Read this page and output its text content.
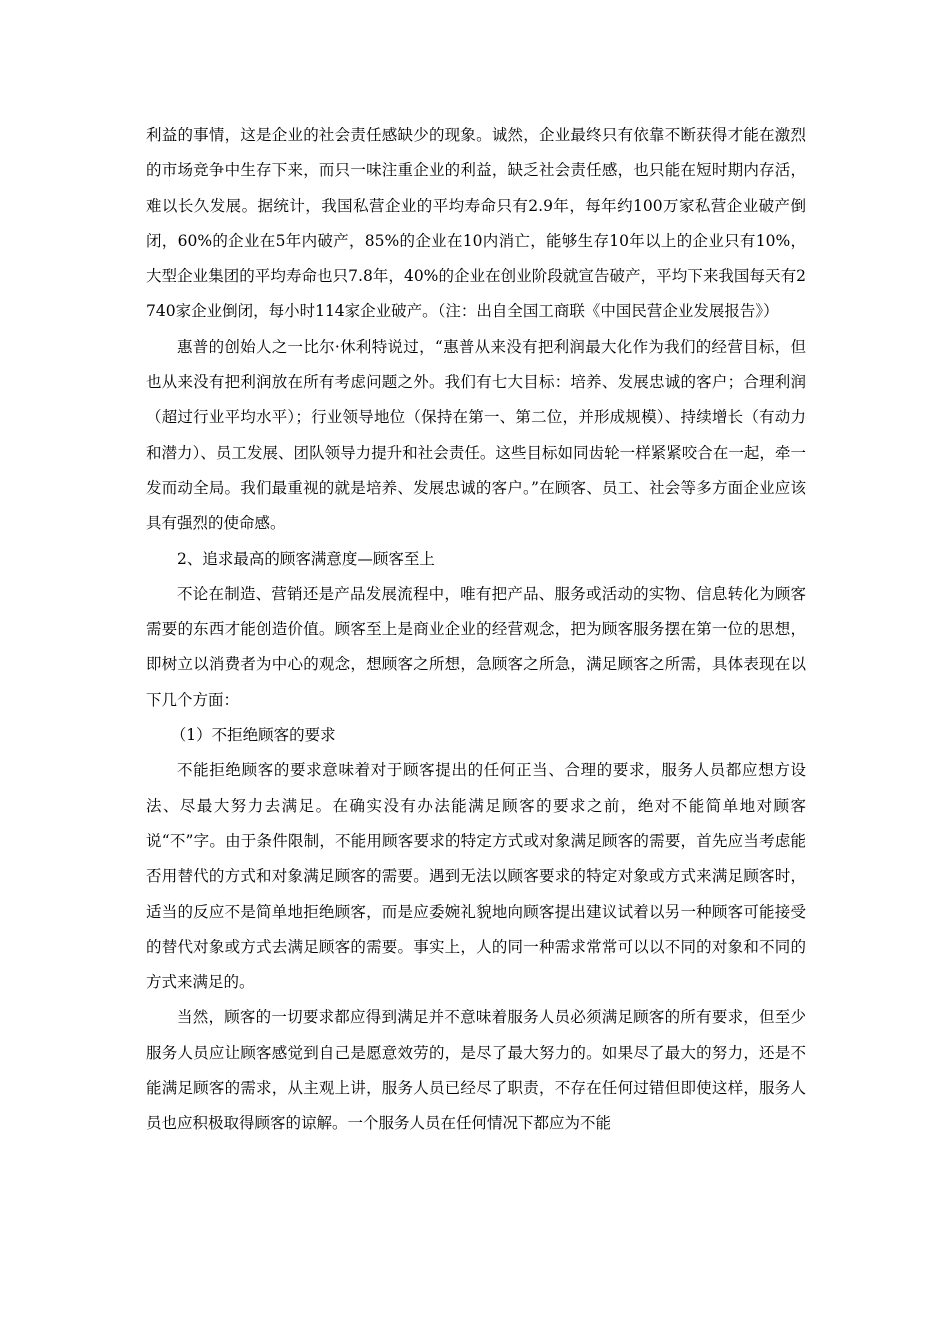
利益的事情，这是企业的社会责任感缺少的现象。诚然，企业最终只有依靠不断获得才能在激烈的市场竞争中生存下来，而只一味注重企业的利益，缺乏社会责任感，也只能在短时期内存活，难以长久发展。据统计，我国私营企业的平均寿命只有2.9年，每年约100万家私营企业破产倒闭，60%的企业在5年内破产，85%的企业在10内消亡，能够生存10年以上的企业只有10%，大型企业集团的平均寿命也只7.8年，40%的企业在创业阶段就宣告破产，平均下来我国每天有2740家企业倒闭，每小时114家企业破产。（注：出自全国工商联《中国民营企业发展报告》）

惠普的创始人之一比尔·休利特说过，“惠普从来没有把利润最大化作为我们的经营目标，但也从来没有把利润放在所有考虑问题之外。我们有七大目标：培养、发展忠诚的客户；合理利润（超过行业平均水平）；行业领导地位（保持在第一、第二位，并形成规模）、持续增长（有动力和潜力）、员工发展、团队领导力提升和社会责任。这些目标如同齿轮一样紧紧咬合在一起，牵一发而动全局。我们最重视的就是培养、发展忠诚的客户。”在顾客、员工、社会等多方面企业应该具有强烈的使命感。

2、追求最高的顾客满意度—顾客至上

不论在制造、营销还是产品发展流程中，唯有把产品、服务或活动的实物、信息转化为顾客需要的东西才能创造价值。顾客至上是商业企业的经营观念，把为顾客服务摆在第一位的思想，即树立以消费者为中心的观念，想顾客之所想，急顾客之所急，满足顾客之所需，具体表现在以下几个方面：

（1）不拒绝顾客的要求

不能拒绝顾客的要求意味着对于顾客提出的任何正当、合理的要求，服务人员都应想方设法、尽最大努力去满足。在确实没有办法能满足顾客的要求之前，绝对不能简单地对顾客说“不”字。由于条件限制，不能用顾客要求的特定方式或对象满足顾客的需要，首先应当考虑能否用替代的方式和对象满足顾客的需要。遇到无法以顾客要求的特定对象或方式来满足顾客时，适当的反应不是简单地拒绝顾客，而是应委婉礼貌地向顾客提出建议试着以另一种顾客可能接受的替代对象或方式去满足顾客的需要。事实上，人的同一种需求常常可以以不同的对象和不同的方式来满足的。

当然，顾客的一切要求都应得到满足并不意味着服务人员必须满足顾客的所有要求，但至少服务人员应让顾客感觉到自己是愿意效劳的，是尽了最大努力的。如果尽了最大的努力，还是不能满足顾客的需求，从主观上讲，服务人员已经尽了职责，不存在任何过错但即使这样，服务人员也应积极取得顾客的谅解。一个服务人员在任何情况下都应为不能
